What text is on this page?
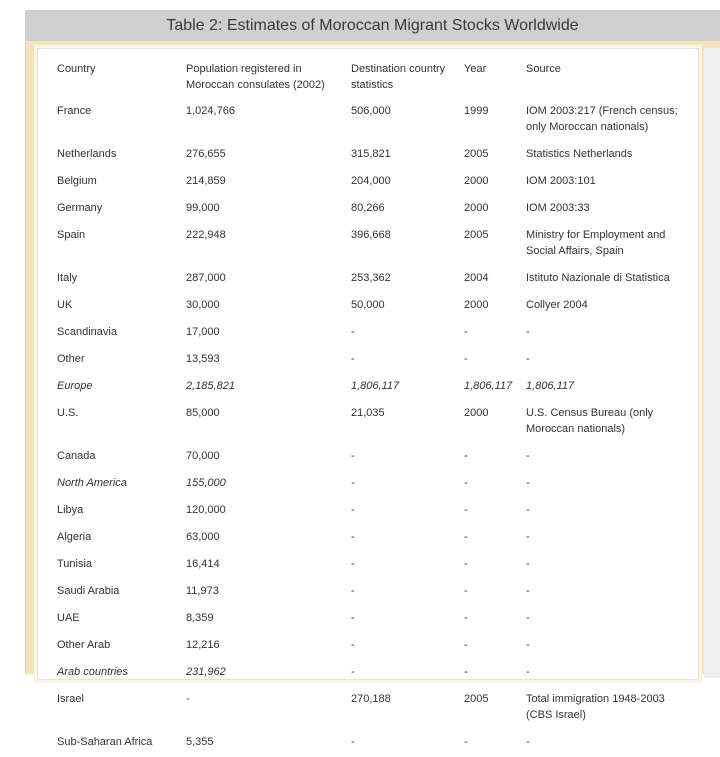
Table 2: Estimates of Moroccan Migrant Stocks Worldwide
Country	Population registered in Moroccan consulates (2002)	Destination country statistics	Year	Source
France	1,024,766	506,000	1999	IOM 2003:217 (French census; only Moroccan nationals)
Netherlands	276,655	315,821	2005	Statistics Netherlands
Belgium	214,859	204,000	2000	IOM 2003:101
Germany	99,000	80,266	2000	IOM 2003:33
Spain	222,948	396,668	2005	Ministry for Employment and Social Affairs, Spain
Italy	287,000	253,362	2004	Istituto Nazionale di Statistica
UK	30,000	50,000	2000	Collyer 2004
Scandinavia	17,000	-	-	-
Other	13,593	-	-	-
Europe	2,185,821	1,806,117	1,806,117	1,806,117
U.S.	85,000	21,035	2000	U.S. Census Bureau (only Moroccan nationals)
Canada	70,000	-	-	-
North America	155,000	-	-	-
Libya	120,000	-	-	-
Algeria	63,000	-	-	-
Tunisia	16,414	-	-	-
Saudi Arabia	11,973	-	-	-
UAE	8,359	-	-	-
Other Arab	12,216	-	-	-
Arab countries	231,962	-	-	-
Israel	-	270,188	2005	Total immigration 1948-2003 (CBS Israel)
Sub-Saharan Africa	5,355	-	-	-
